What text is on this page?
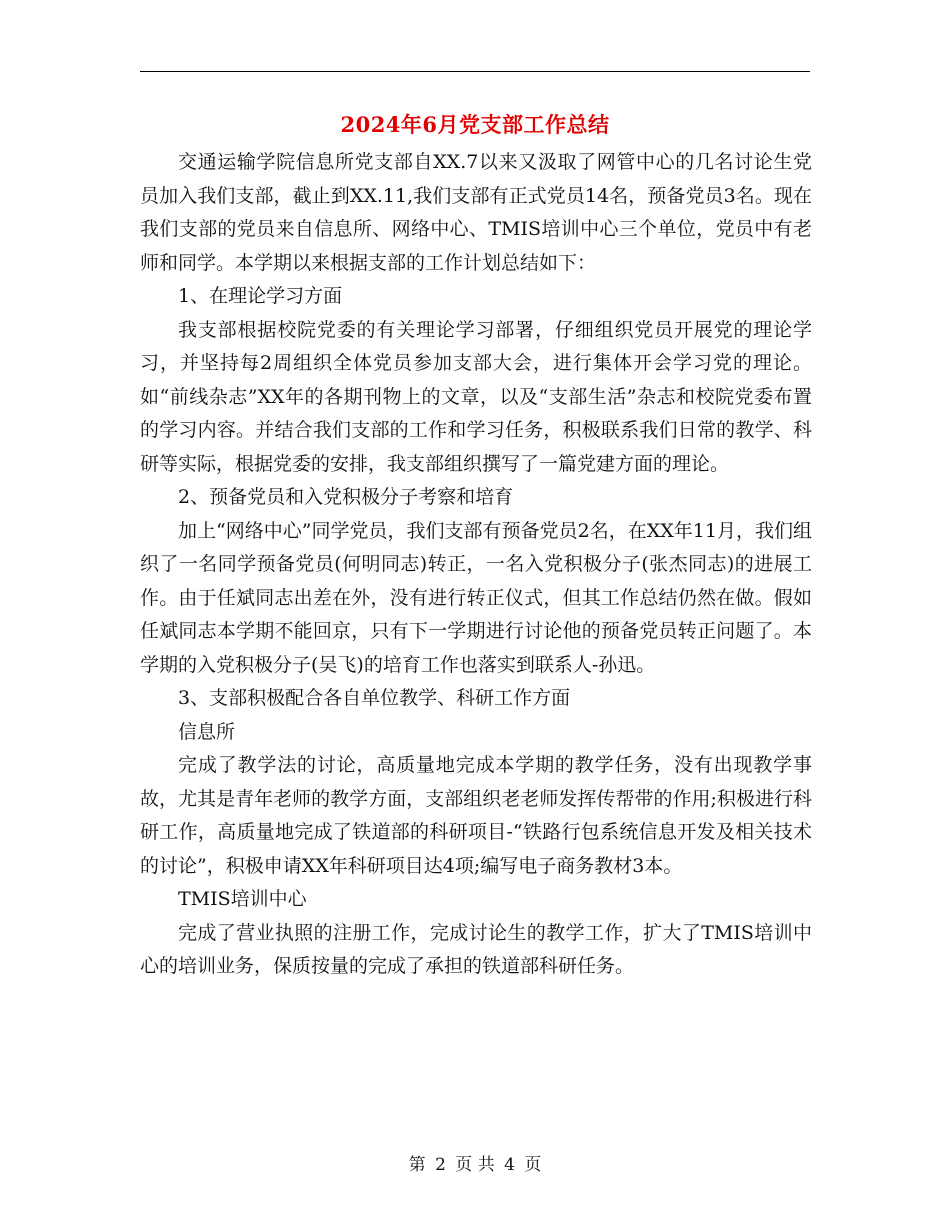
2024年6月党支部工作总结

交通运输学院信息所党支部自XX.7以来又汲取了网管中心的几名讨论生党员加入我们支部，截止到XX.11,我们支部有正式党员14名，预备党员3名。现在我们支部的党员来自信息所、网络中心、TMIS培训中心三个单位，党员中有老师和同学。本学期以来根据支部的工作计划总结如下：

1、在理论学习方面

我支部根据校院党委的有关理论学习部署，仔细组织党员开展党的理论学习，并坚持每2周组织全体党员参加支部大会，进行集体开会学习党的理论。如“前线杂志”XX年的各期刊物上的文章，以及“支部生活”杂志和校院党委布置的学习内容。并结合我们支部的工作和学习任务，积极联系我们日常的教学、科研等实际，根据党委的安排，我支部组织撰写了一篇党建方面的理论。

2、预备党员和入党积极分子考察和培育

加上“网络中心”同学党员，我们支部有预备党员2名，在XX年11月，我们组织了一名同学预备党员(何明同志)转正，一名入党积极分子(张杰同志)的进展工作。由于任斌同志出差在外，没有进行转正仪式，但其工作总结仍然在做。假如任斌同志本学期不能回京，只有下一学期进行讨论他的预备党员转正问题了。本学期的入党积极分子(吴飞)的培育工作也落实到联系人-孙迅。

3、支部积极配合各自单位教学、科研工作方面

信息所

完成了教学法的讨论，高质量地完成本学期的教学任务，没有出现教学事故，尤其是青年老师的教学方面，支部组织老老师发挥传帮带的作用;积极进行科研工作，高质量地完成了铁道部的科研项目-“铁路行包系统信息开发及相关技术的讨论”，积极申请XX年科研项目达4项;编写电子商务教材3本。

TMIS培训中心

完成了营业执照的注册工作，完成讨论生的教学工作，扩大了TMIS培训中心的培训业务，保质按量的完成了承担的铁道部科研任务。

第 2 页 共 4 页
